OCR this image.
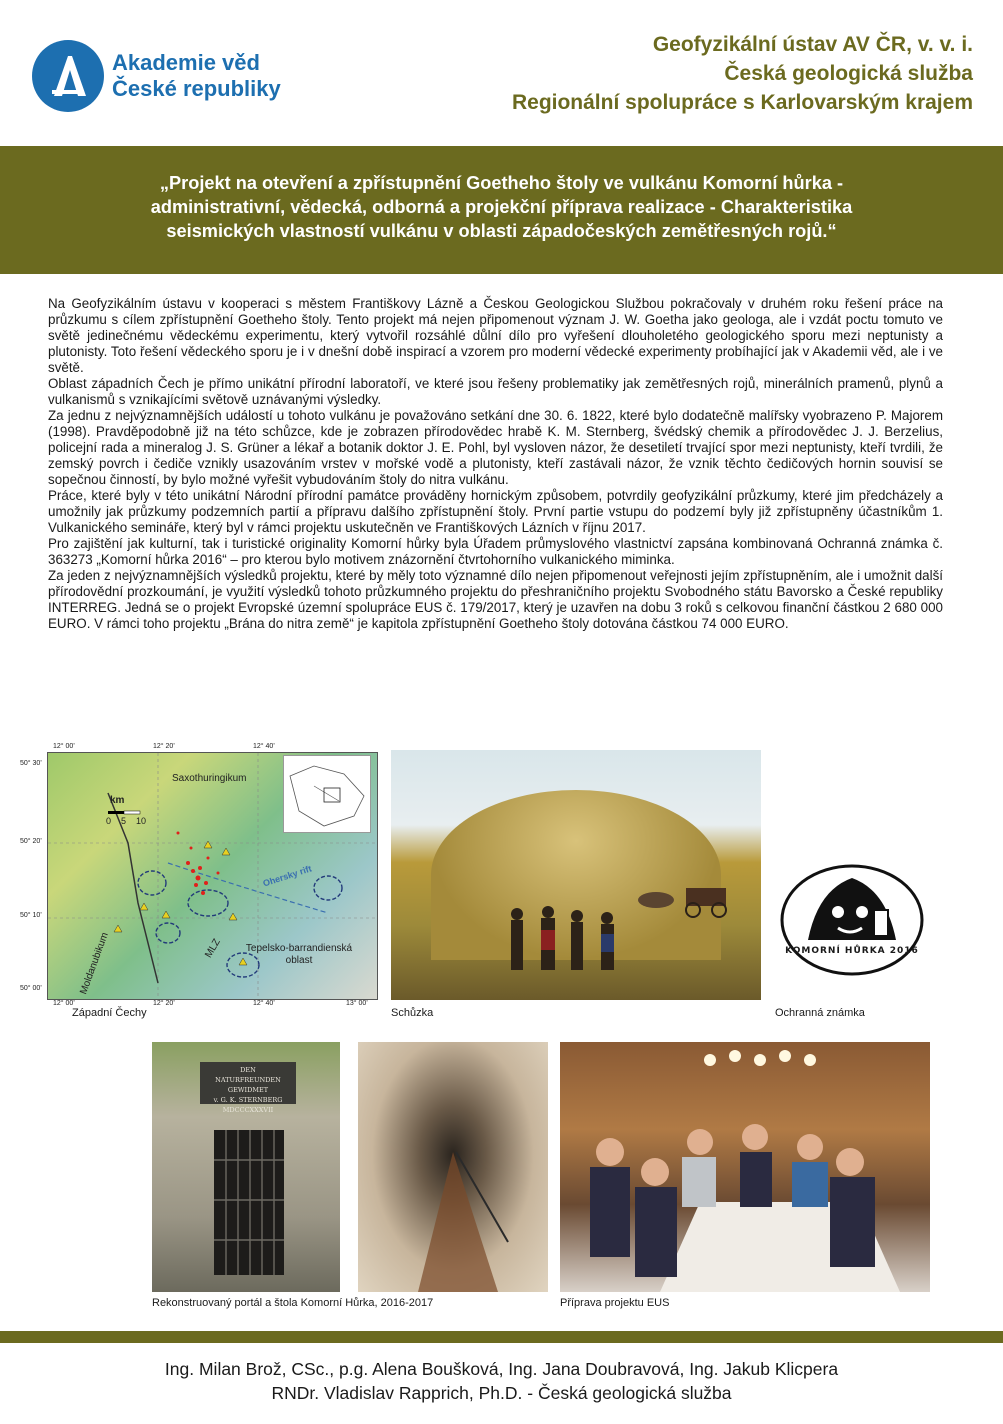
Akademie věd
České republiky
Geofyzikální ústav AV ČR, v. v. i.
Česká geologická služba
Regionální spolupráce s Karlovarským krajem
„Projekt na otevření a zpřístupnění Goetheho štoly ve vulkánu Komorní hůrka -
administrativní, vědecká, odborná a projekční příprava realizace - Charakteristika
seismických vlastností vulkánu v oblasti západočeských zemětřesných rojů.“

Na Geofyzikálním ústavu v kooperaci s městem Františkovy Lázně a Českou Geologickou Službou pokračovaly v druhém roku řešení práce na průzkumu s cílem zpřístupnění Goetheho štoly. Tento projekt má nejen připomenout význam J. W. Goetha jako geologa, ale i vzdát poctu tomuto ve světě jedinečnému vědeckému experimentu, který vytvořil rozsáhlé důlní dílo pro vyřešení dlouholetého geologického sporu mezi neptunisty a plutonisty. Toto řešení vědeckého sporu je i v dnešní době inspirací a vzorem pro moderní vědecké experimenty probíhající jak v Akademii věd, ale i ve světě.

Oblast západních Čech je přímo unikátní přírodní laboratoří, ve které jsou řešeny problematiky jak zemětřesných rojů, minerálních pramenů, plynů a vulkanismů s vznikajícími světově uznávanými výsledky.

Za jednu z nejvýznamnějších událostí u tohoto vulkánu je považováno setkání dne 30. 6. 1822, které bylo dodatečně malířsky vyobrazeno P. Majorem (1998). Pravděpodobně již na této schůzce, kde je zobrazen přírodovědec hrabě K. M. Sternberg, švédský chemik a přírodovědec J. J. Berzelius, policejní rada a mineralog J. S. Grüner a lékař a botanik doktor J. E. Pohl, byl vysloven názor, že desetiletí trvající spor mezi neptunisty, kteří tvrdili, že zemský povrch i čediče vznikly usazováním vrstev v mořské vodě a plutonisty, kteří zastávali názor, že vznik těchto čedičových hornin souvisí se sopečnou činností, by bylo možné vyřešit vybudováním štoly do nitra vulkánu.

Práce, které byly v této unikátní Národní přírodní památce prováděny hornickým způsobem, potvrdily geofyzikální průzkumy, které jim předcházely a umožnily jak průzkumy podzemních partií a přípravu dalšího zpřístupnění štoly. První partie vstupu do podzemí byly již zpřístupněny účastníkům 1. Vulkanického semináře, který byl v rámci projektu uskutečněn ve Františkových Lázních v říjnu 2017.

Pro zajištění jak kulturní, tak i turistické originality Komorní hůrky byla Úřadem průmyslového vlastnictví zapsána kombinovaná Ochranná známka č. 363273 „Komorní hůrka 2016“ – pro kterou bylo motivem znázornění čtvrtohorního vulkanického miminka.

Za jeden z nejvýznamnějších výsledků projektu, které by měly toto významné dílo nejen připomenout veřejnosti jejím zpřístupněním, ale i umožnit další přírodovědní prozkoumání, je využití výsledků tohoto průzkumného projektu do přeshraničního projektu Svobodného státu Bavorsko a České republiky INTERREG. Jedná se o projekt Evropské územní spolupráce EUS č. 179/2017, který je uzavřen na dobu 3 roků s celkovou finanční částkou 2 680 000 EURO. V rámci toho projektu „Brána do nitra země“ je kapitola zpřístupnění Goetheho štoly dotována částkou 74 000 EURO.

Saxothuringikum
km
0 5 10
Ohersky rift
Tepelsko-barrandienská oblast
Moldanubikum	MLZ
12° 00'	12° 20'	12° 40'
12° 00'	12° 20'	12° 40'	13° 00'
50° 30'
50° 20'
50° 10'
50° 00'
Západní Čechy	Schůzka
KOMORNÍ HŮRKA 2016
Ochranná známka
DEN
NATURFREUNDEN GEWIDMET
v. G. K. STERNBERG
MDCCCXXXVII
Rekonstruovaný portál a štola Komorní Hůrka, 2016-2017	Příprava projektu EUS
Ing. Milan Brož, CSc., p.g. Alena Boušková, Ing. Jana Doubravová, Ing. Jakub Klicpera
RNDr. Vladislav Rapprich, Ph.D. - Česká geologická služba
